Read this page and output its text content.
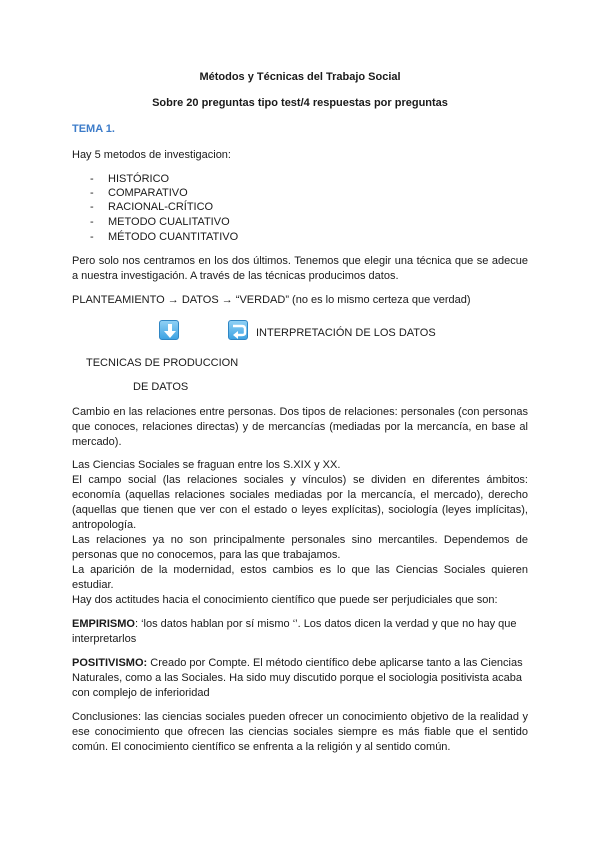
Métodos y Técnicas del Trabajo Social
Sobre 20 preguntas tipo test/4 respuestas por preguntas
TEMA 1.
Hay 5 metodos de investigacion:
- HISTÓRICO
- COMPARATIVO
- RACIONAL-CRÍTICO
- METODO CUALITATIVO
- MÉTODO CUANTITATIVO
Pero solo nos centramos en los dos últimos. Tenemos que elegir una técnica que se adecue a nuestra investigación. A través de las técnicas producimos datos.
PLANTEAMIENTO → DATOS → “VERDAD” (no es lo mismo certeza que verdad)
INTERPRETACIÓN DE LOS DATOS
TECNICAS DE PRODUCCION
DE DATOS
Cambio en las relaciones entre personas. Dos tipos de relaciones: personales (con personas que conoces, relaciones directas) y de mercancías (mediadas por la mercancía, en base al mercado).
Las Ciencias Sociales se fraguan entre los S.XIX y XX.
El campo social (las relaciones sociales y vínculos) se dividen en diferentes ámbitos: economía (aquellas relaciones sociales mediadas por la mercancía, el mercado), derecho (aquellas que tienen que ver con el estado o leyes explícitas), sociología (leyes implícitas), antropología.
Las relaciones ya no son principalmente personales sino mercantiles. Dependemos de personas que no conocemos, para las que trabajamos.
La aparición de la modernidad, estos cambios es lo que las Ciencias Sociales quieren estudiar.
Hay dos actitudes hacia el conocimiento científico que puede ser perjudiciales que son:
EMPIRISMO: ‘los datos hablan por sí mismo ‘’. Los datos dicen la verdad y que no hay que interpretarlos
POSITIVISMO: Creado por Compte. El método científico debe aplicarse tanto a las Ciencias Naturales, como a las Sociales. Ha sido muy discutido porque el sociologia positivista acaba con complejo de inferioridad
Conclusiones: las ciencias sociales pueden ofrecer un conocimiento objetivo de la realidad y ese conocimiento que ofrecen las ciencias sociales siempre es más fiable que el sentido común. El conocimiento científico se enfrenta a la religión y al sentido común.
